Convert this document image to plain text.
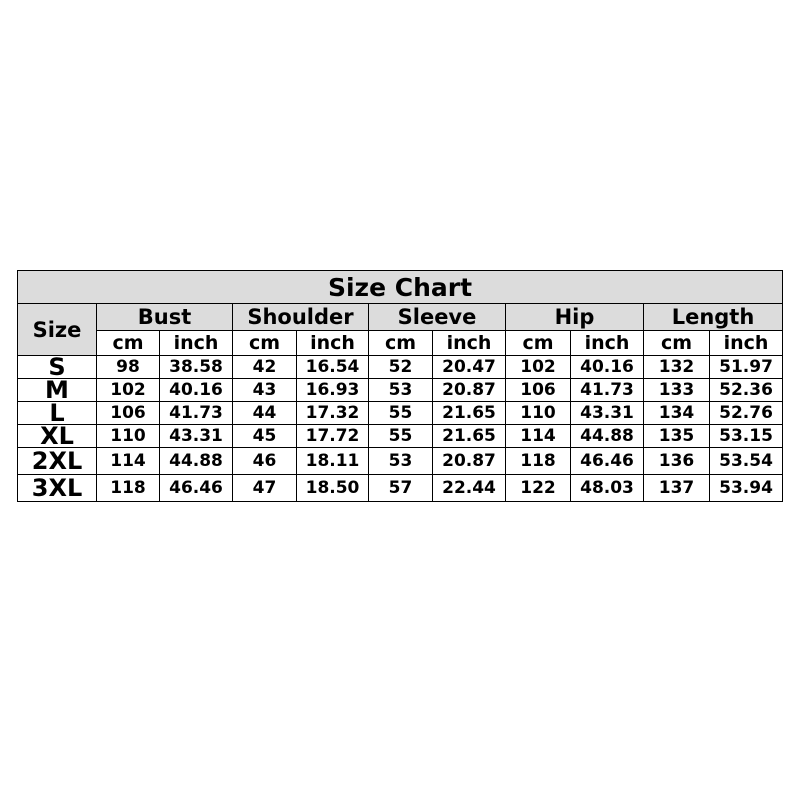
Size Chart										
Size	Bust		Shoulder		Sleeve		Hip		Length	
	cm	inch	cm	inch	cm	inch	cm	inch	cm	inch
S	98	38.58	42	16.54	52	20.47	102	40.16	132	51.97
M	102	40.16	43	16.93	53	20.87	106	41.73	133	52.36
L	106	41.73	44	17.32	55	21.65	110	43.31	134	52.76
XL	110	43.31	45	17.72	55	21.65	114	44.88	135	53.15
2XL	114	44.88	46	18.11	53	20.87	118	46.46	136	53.54
3XL	118	46.46	47	18.50	57	22.44	122	48.03	137	53.94
